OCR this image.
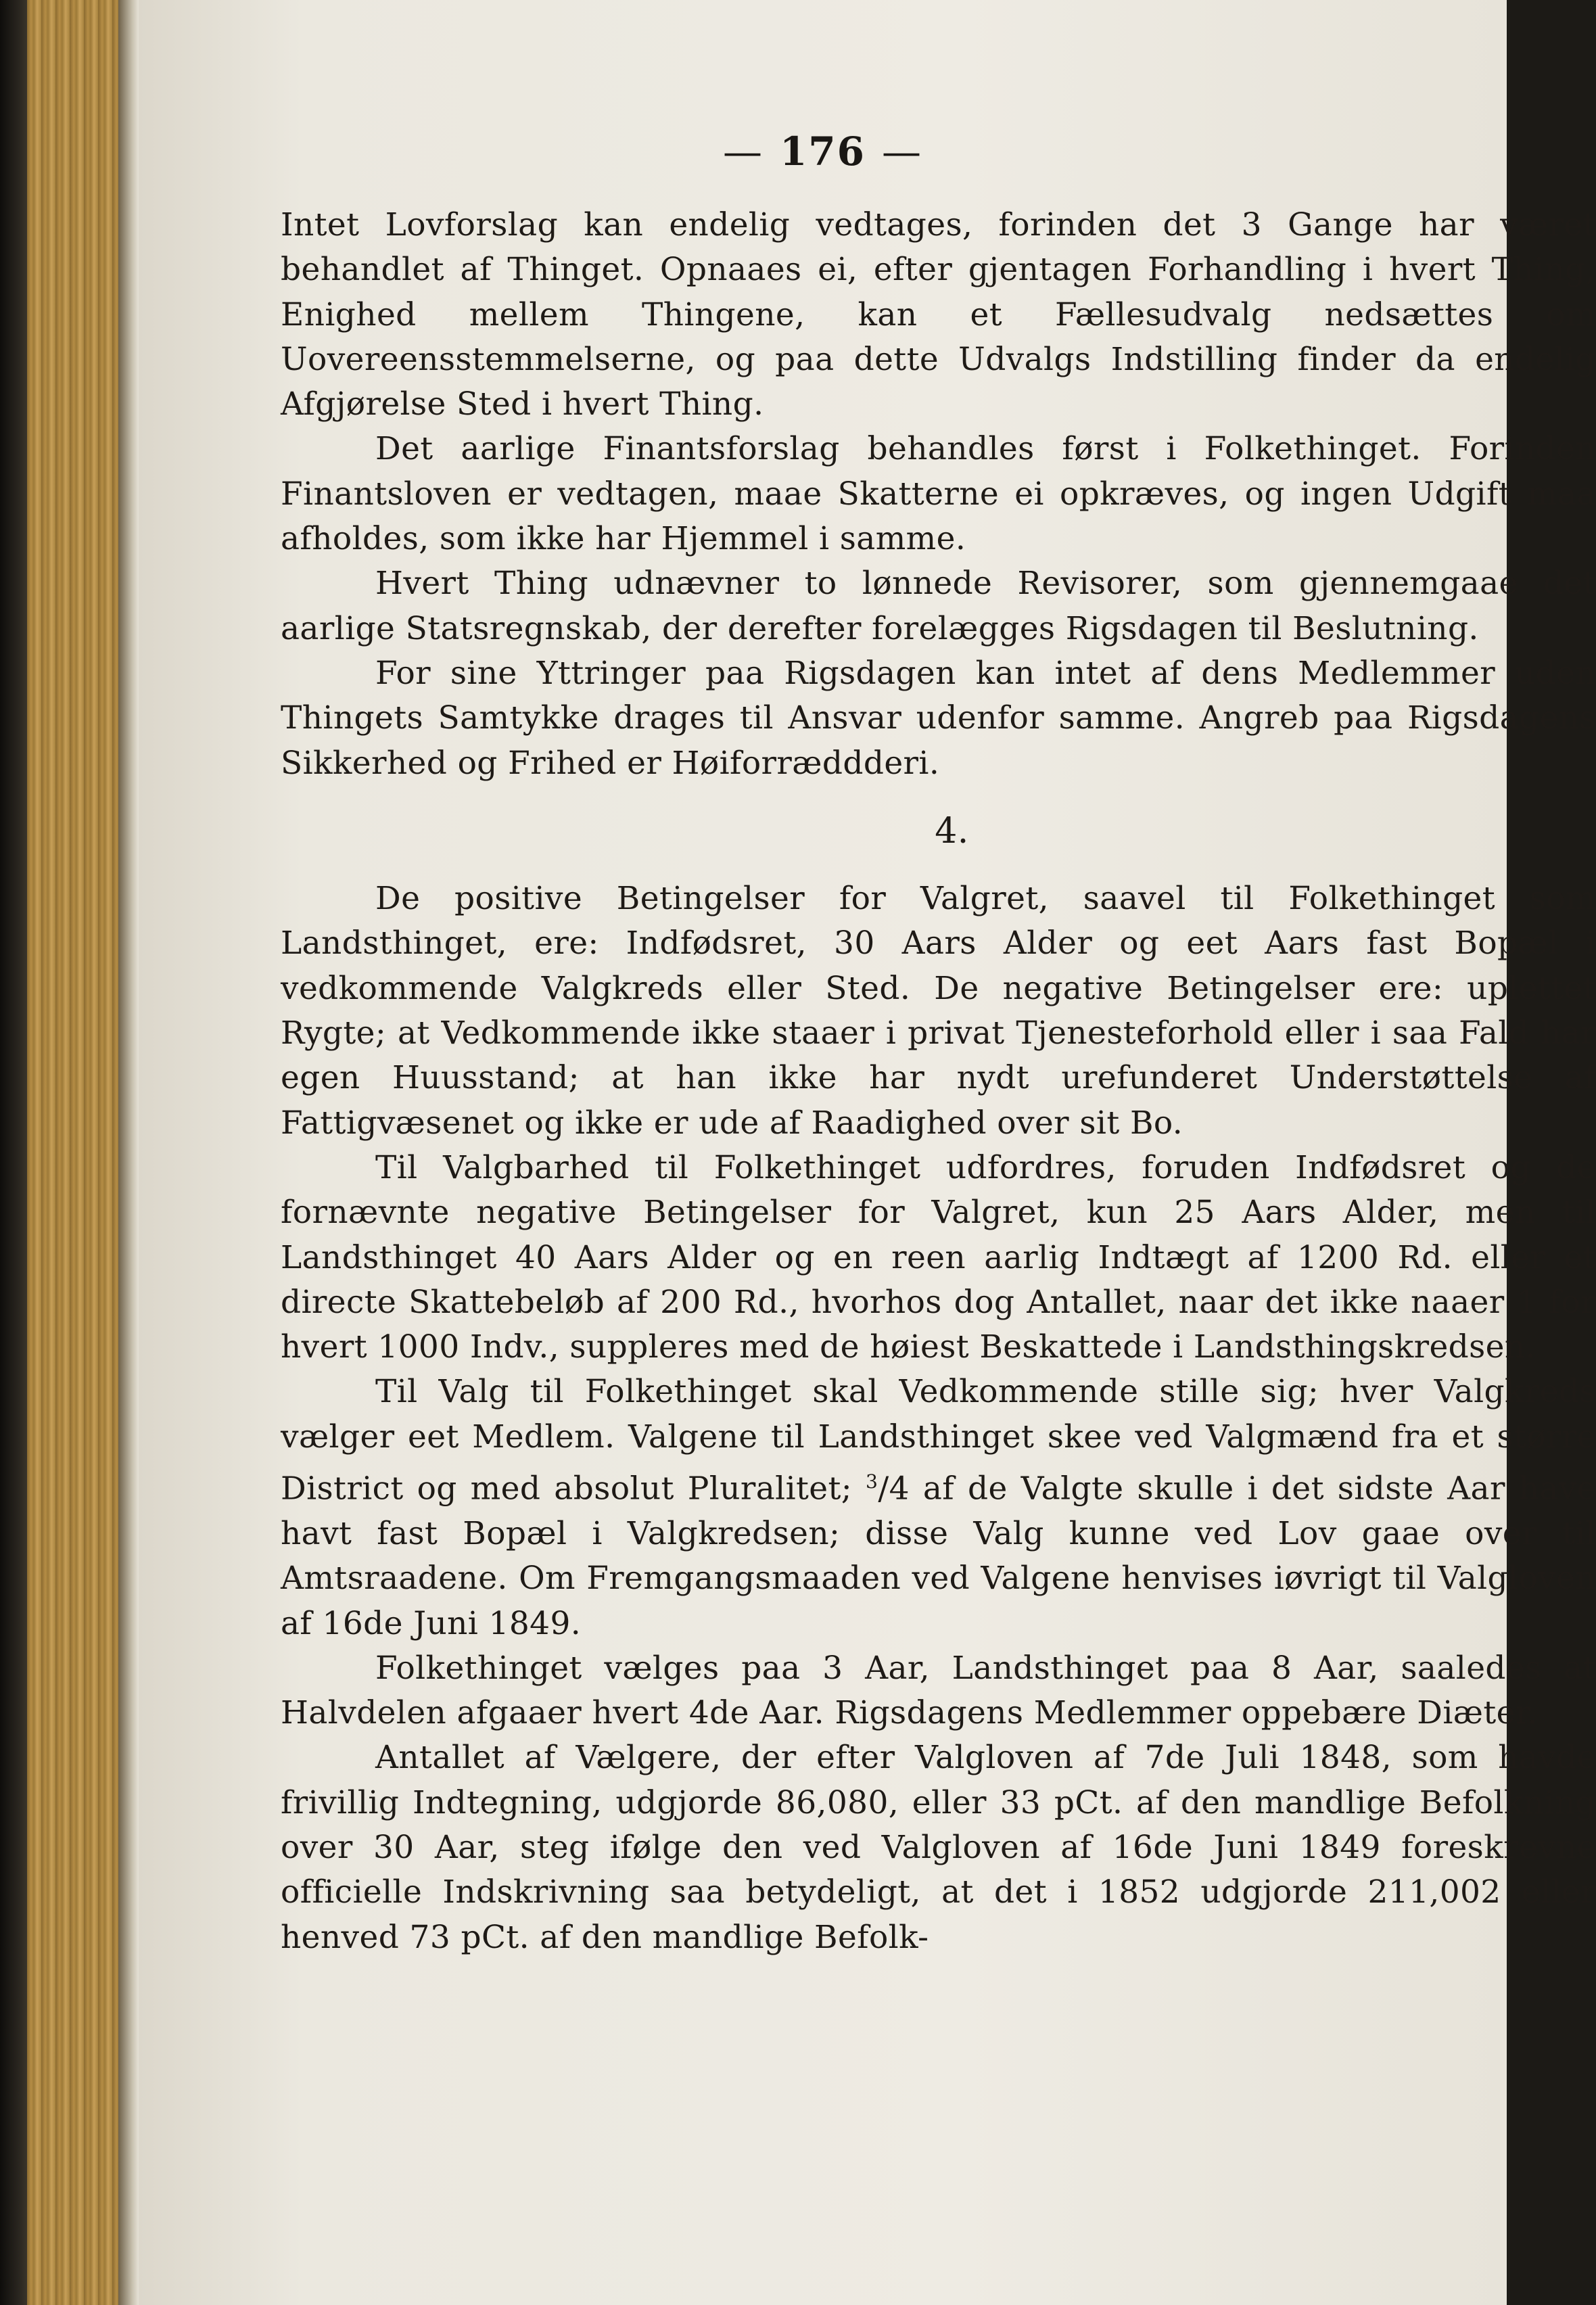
— 176 —

Intet Lovforslag kan endelig vedtages, forinden det 3 Gange har været behandlet af Thinget. Opnaaes ei, efter gjentagen Forhandling i hvert Thing, Enighed mellem Thingene, kan et Fællesudvalg nedsættes om Uovereensstemmelserne, og paa dette Udvalgs Indstilling finder da endelig Afgjørelse Sted i hvert Thing.

Det aarlige Finantsforslag behandles først i Folkethinget. Forinden Finantsloven er vedtagen, maae Skatterne ei opkræves, og ingen Udgift maa afholdes, som ikke har Hjemmel i samme.

Hvert Thing udnævner to lønnede Revisorer, som gjennemgaae det aarlige Statsregnskab, der derefter forelægges Rigsdagen til Beslutning.

For sine Yttringer paa Rigsdagen kan intet af dens Medlemmer uden Thingets Samtykke drages til Ansvar udenfor samme. Angreb paa Rigsdagens Sikkerhed og Frihed er Høiforræddderi.

4.

De positive Betingelser for Valgret, saavel til Folkethinget som Landsthinget, ere: Indfødsret, 30 Aars Alder og eet Aars fast Bopæl i vedkommende Valgkreds eller Sted. De negative Betingelser ere: uplettet Rygte; at Vedkommende ikke staaer i privat Tjenesteforhold eller i saa Fald har egen Huusstand; at han ikke har nydt urefunderet Understøttelse af Fattigvæsenet og ikke er ude af Raadighed over sit Bo.

Til Valgbarhed til Folkethinget udfordres, foruden Indfødsret og de fornævnte negative Betingelser for Valgret, kun 25 Aars Alder, men til Landsthinget 40 Aars Alder og en reen aarlig Indtægt af 1200 Rd. eller et directe Skattebeløb af 200 Rd., hvorhos dog Antallet, naar det ikke naaer 1 for hvert 1000 Indv., suppleres med de høiest Beskattede i Landsthingskredsen.

Til Valg til Folkethinget skal Vedkommende stille sig; hver Valgkreds vælger eet Medlem. Valgene til Landsthinget skee ved Valgmænd fra et større District og med absolut Pluralitet; $^3$/4 af de Valgte skulle i det sidste Aar have havt fast Bopæl i Valgkredsen; disse Valg kunne ved Lov gaae over til Amtsraadene. Om Fremgangsmaaden ved Valgene henvises iøvrigt til Valgloven af 16de Juni 1849.

Folkethinget vælges paa 3 Aar, Landsthinget paa 8 Aar, saaledes at Halvdelen afgaaer hvert 4de Aar. Rigsdagens Medlemmer oppebære Diæter.

Antallet af Vælgere, der efter Valgloven af 7de Juli 1848, som havde frivillig Indtegning, udgjorde 86,080, eller 33 pCt. af den mandlige Befolkning over 30 Aar, steg ifølge den ved Valgloven af 16de Juni 1849 foreskrevne officielle Indskrivning saa betydeligt, at det i 1852 udgjorde 211,002 eller henved 73 pCt. af den mandlige Befolk-
